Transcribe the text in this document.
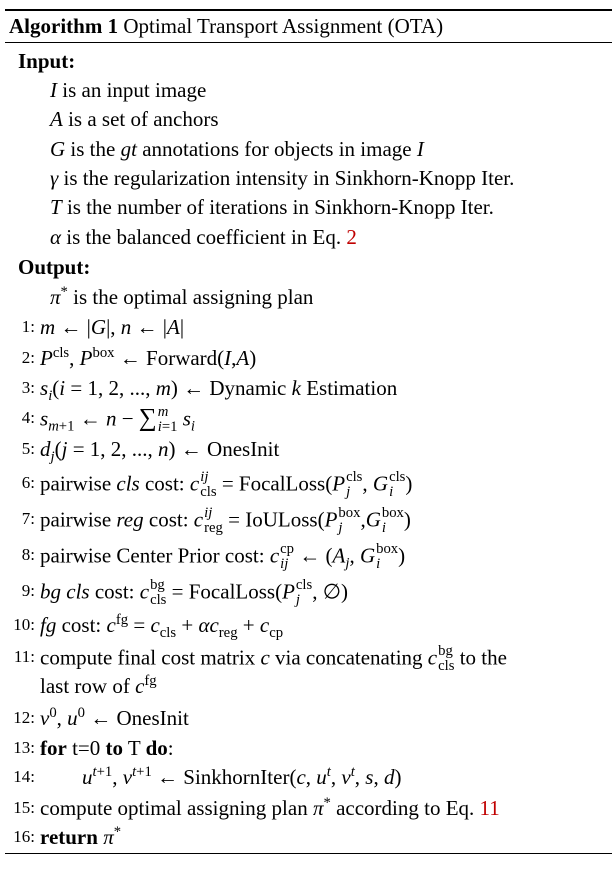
Algorithm 1 Optimal Transport Assignment (OTA)
Input:
I is an input image
A is a set of anchors
G is the gt annotations for objects in image I
γ is the regularization intensity in Sinkhorn-Knopp Iter.
T is the number of iterations in Sinkhorn-Knopp Iter.
α is the balanced coefficient in Eq. 2
Output:
π* is the optimal assigning plan
1: m ← |G|, n ← |A|
2: $P^{cls}$, $P^{box}$ ← Forward(I,A)
3: $s_i(i = 1$, 2, ..., m) ← Dynamic k Estimation
4: $s_{m+1}$ ← n − ∑ m
i=1 $s_i$
5: $d_j(j = 1$, 2, ..., n) ← OnesInit
6: pairwise cls cost: c ij
cls = FocalLoss(P cls
j , G cls
i )
7: pairwise reg cost: c ij
reg = IoULoss(P box
j ,G box
i )
8: pairwise Center Prior cost: c cp
ij ← ($A_j$, G box
i )
9: bg cls cost: c bg
cls = FocalLoss(P cls
j , ∅)
10: fg cost: $c^{fg} = c_{cls} + \alpha c_{reg} + c_{cp}$
11: compute final cost matrix c via concatenating c bg
cls to the
last row of $c^{fg}$
12: $v^0$, $u^0$ ← OnesInit
13: for t=0 to T do:
14: $u^{t+1}$, $v^{t+1}$ ← SinkhornIter(c, $u^t$, $v^t$, s, d)
15: compute optimal assigning plan π* according to Eq. 11
16: return π*
